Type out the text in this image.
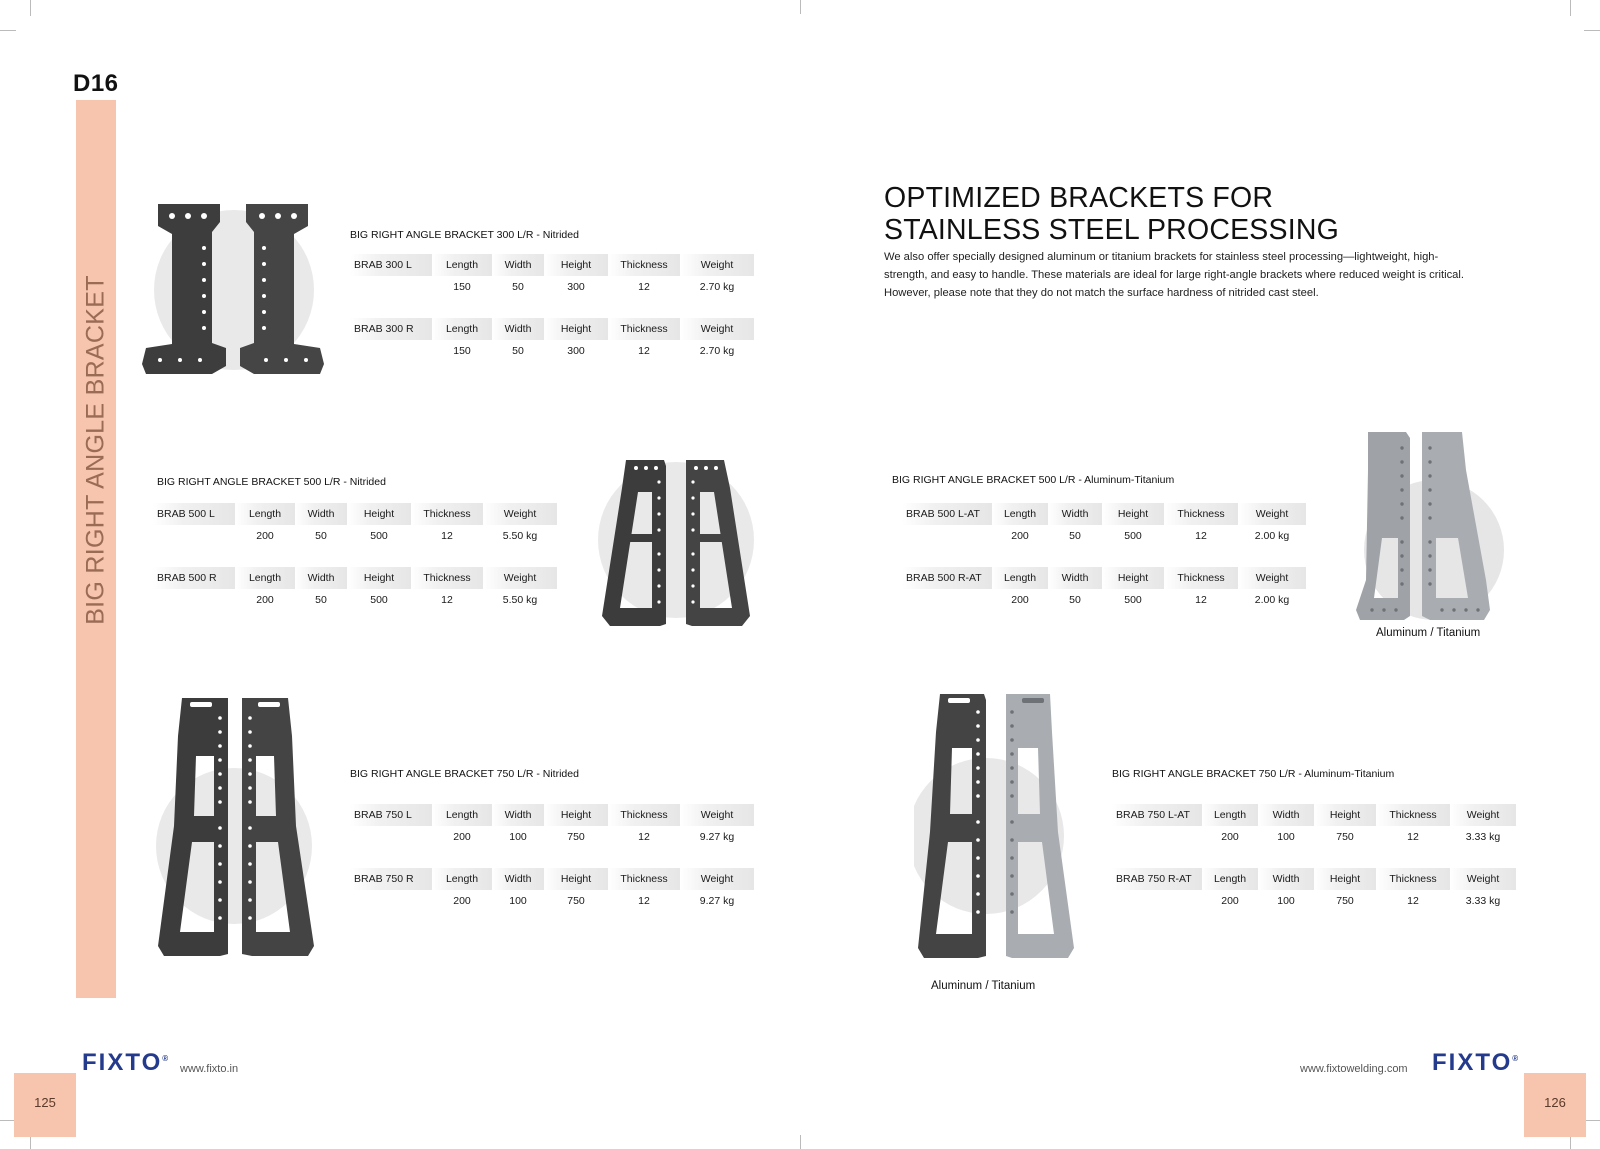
D16
BIG RIGHT ANGLE BRACKET
BIG RIGHT ANGLE BRACKET 300 L/R - Nitrided
BRAB 300 L	Length	Width	Height	Thickness	Weight
	150	50	300	12	2.70 kg

BRAB 300 R	Length	Width	Height	Thickness	Weight
	150	50	300	12	2.70 kg
BIG RIGHT ANGLE BRACKET 500 L/R - Nitrided
BRAB 500 L	Length	Width	Height	Thickness	Weight
	200	50	500	12	5.50 kg

BRAB 500 R	Length	Width	Height	Thickness	Weight
	200	50	500	12	5.50 kg
BIG RIGHT ANGLE BRACKET 750 L/R - Nitrided
BRAB 750 L	Length	Width	Height	Thickness	Weight
	200	100	750	12	9.27 kg

BRAB 750 R	Length	Width	Height	Thickness	Weight
	200	100	750	12	9.27 kg
OPTIMIZED BRACKETS FOR
STAINLESS STEEL PROCESSING
We also offer specially designed aluminum or titanium brackets for stainless steel processing—lightweight, high-strength, and easy to handle. These materials are ideal for large right-angle brackets where reduced weight is critical. However, please note that they do not match the surface hardness of nitrided cast steel.
BIG RIGHT ANGLE BRACKET 500 L/R - Aluminum-Titanium
BRAB 500 L-AT	Length	Width	Height	Thickness	Weight
	200	50	500	12	2.00 kg

BRAB 500 R-AT	Length	Width	Height	Thickness	Weight
	200	50	500	12	2.00 kg
Aluminum / Titanium
Aluminum / Titanium
BIG RIGHT ANGLE BRACKET 750 L/R - Aluminum-Titanium
BRAB 750 L-AT	Length	Width	Height	Thickness	Weight
	200	100	750	12	3.33 kg

BRAB 750 R-AT	Length	Width	Height	Thickness	Weight
	200	100	750	12	3.33 kg
125
FIXTO®
www.fixto.in	www.fixtowelding.com FIXTO®
126
